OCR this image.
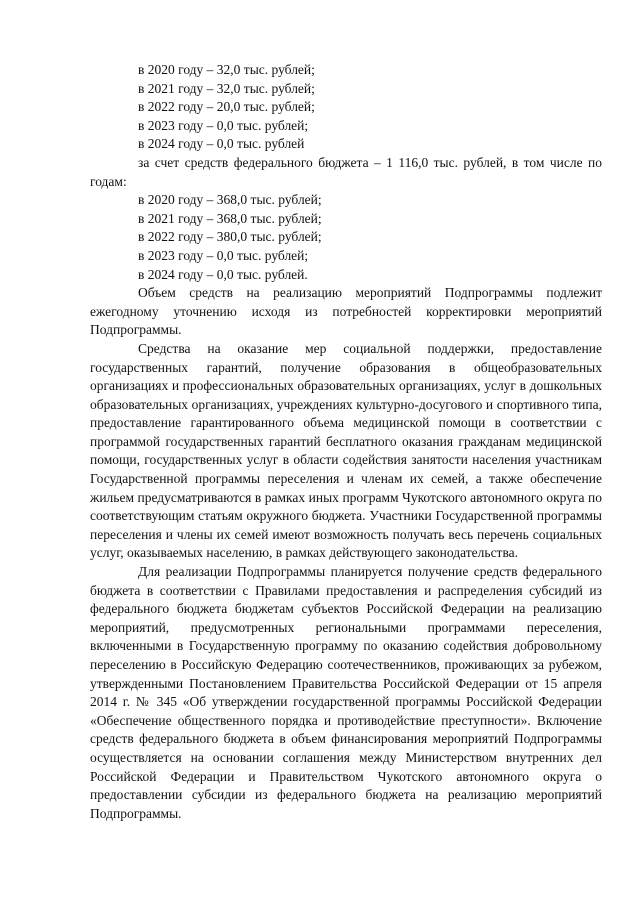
в 2020 году – 32,0 тыс. рублей;
в 2021 году – 32,0 тыс. рублей;
в 2022 году – 20,0 тыс. рублей;
в 2023 году – 0,0 тыс. рублей;
в 2024 году – 0,0 тыс. рублей

за счет средств федерального бюджета – 1 116,0 тыс. рублей, в том числе по годам:

в 2020 году – 368,0 тыс. рублей;
в 2021 году – 368,0 тыс. рублей;
в 2022 году – 380,0 тыс. рублей;
в 2023 году – 0,0 тыс. рублей;
в 2024 году – 0,0 тыс. рублей.

Объем средств на реализацию мероприятий Подпрограммы подлежит ежегодному уточнению исходя из потребностей корректировки мероприятий Подпрограммы.

Средства на оказание мер социальной поддержки, предоставление государственных гарантий, получение образования в общеобразовательных организациях и профессиональных образовательных организациях, услуг в дошкольных образовательных организациях, учреждениях культурно-досугового и спортивного типа, предоставление гарантированного объема медицинской помощи в соответствии с программой государственных гарантий бесплатного оказания гражданам медицинской помощи, государственных услуг в области содействия занятости населения участникам Государственной программы переселения и членам их семей, а также обеспечение жильем предусматриваются в рамках иных программ Чукотского автономного округа по соответствующим статьям окружного бюджета. Участники Государственной программы переселения и члены их семей имеют возможность получать весь перечень социальных услуг, оказываемых населению, в рамках действующего законодательства.

Для реализации Подпрограммы планируется получение средств федерального бюджета в соответствии с Правилами предоставления и распределения субсидий из федерального бюджета бюджетам субъектов Российской Федерации на реализацию мероприятий, предусмотренных региональными программами переселения, включенными в Государственную программу по оказанию содействия добровольному переселению в Российскую Федерацию соотечественников, проживающих за рубежом, утвержденными Постановлением Правительства Российской Федерации от 15 апреля 2014 г. № 345 «Об утверждении государственной программы Российской Федерации «Обеспечение общественного порядка и противодействие преступности». Включение средств федерального бюджета в объем финансирования мероприятий Подпрограммы осуществляется на основании соглашения между Министерством внутренних дел Российской Федерации и Правительством Чукотского автономного округа о предоставлении субсидии из федерального бюджета на реализацию мероприятий Подпрограммы.
